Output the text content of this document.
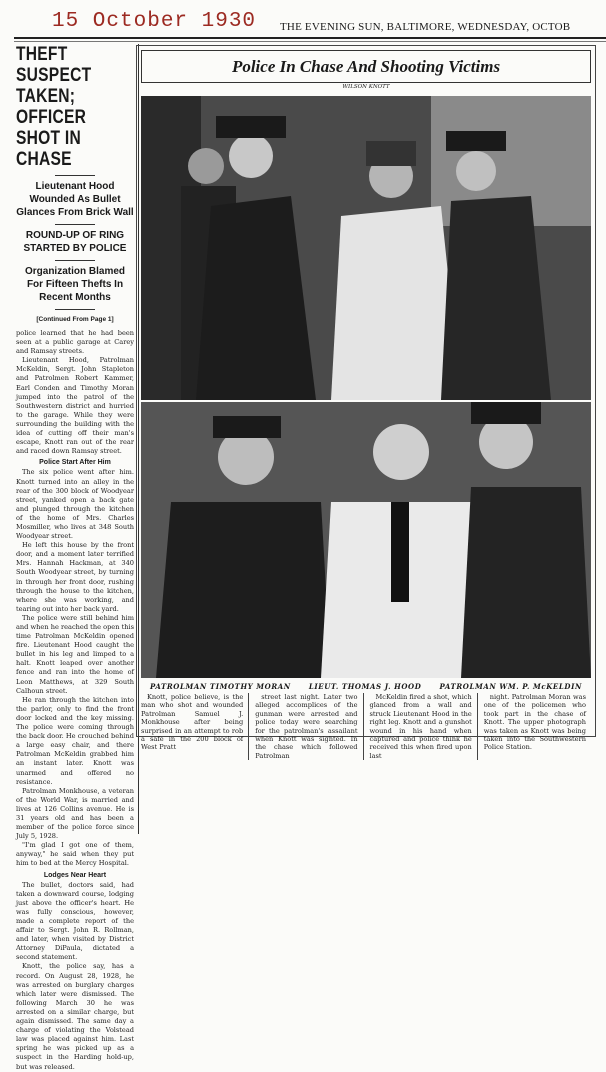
15 October 1930 THE EVENING SUN, BALTIMORE, WEDNESDAY, OCTOB
THEFT SUSPECT
TAKEN; OFFICER
SHOT IN CHASE
Lieutenant Hood Wounded As Bullet Glances From Brick Wall
ROUND-UP OF RING STARTED BY POLICE
Organization Blamed For Fifteen Thefts In Recent Months
[Continued From Page 1]

police learned that he had been seen at a public garage at Carey and Ramsay streets.

Lieutenant Hood, Patrolman McKeldin, Sergt. John Stapleton and Patrolmen Robert Kammer, Earl Conden and Timothy Moran jumped into the patrol of the Southwestern district and hurried to the garage. While they were surrounding the building with the idea of cutting off their man's escape, Knott ran out of the rear and raced down Ramsay street.

Police Start After Him

The six police went after him. Knott turned into an alley in the rear of the 300 block of Woodyear street, yanked open a back gate and plunged through the kitchen of the home of Mrs. Charles Mosmiller, who lives at 348 South Woodyear street.

He left this house by the front door, and a moment later terrified Mrs. Hannah Hackman, at 340 South Woodyear street, by turning in through her front door, rushing through the house to the kitchen, where she was working, and tearing out into her back yard.

The police were still behind him and when he reached the open this time Patrolman McKeldin opened fire. Lieutenant Hood caught the bullet in his leg and limped to a halt. Knott leaped over another fence and ran into the home of Leon Matthews, at 329 South Calhoun street.

He ran through the kitchen into the parlor, only to find the front door locked and the key missing. The police were coming through the back door. He crouched behind a large easy chair, and there Patrolman McKeldin grabbed him an instant later. Knott was unarmed and offered no resistance.

Patrolman Monkhouse, a veteran of the World War, is married and lives at 126 Collins avenue. He is 31 years old and has been a member of the police force since July 5, 1928.

"I'm glad I got one of them, anyway," he said when they put him to bed at the Mercy Hospital.

Lodges Near Heart

The bullet, doctors said, had taken a downward course, lodging just above the officer's heart. He was fully conscious, however, made a complete report of the affair to Sergt. John R. Rollman, and later, when visited by District Attorney DiPaula, dictated a second statement.

Knott, the police say, has a record. On August 28, 1928, he was arrested on burglary charges which later were dismissed. The following March 30 he was arrested on a similar charge, but again dismissed. The same day a charge of violating the Volstead law was placed against him. Last spring he was picked up as a suspect in the Harding hold-up, but was released.

Police In Chase And Shooting Victims
WILSON KNOTT
PATROLMAN TIMOTHY MORAN	LIEUT. THOMAS J. HOOD	PATROLMAN WM. P. McKELDIN

Knott, police believe, is the man who shot and wounded Patrolman Samuel J. Monkhouse after being surprised in an attempt to rob a safe in the 200 block of West Pratt

street last night. Later two alleged accomplices of the gunman were arrested and police today were searching for the patrolman's assailant when Knott was sighted. In the chase which followed Patrolman

McKeldin fired a shot, which glanced from a wall and struck Lieutenant Hood in the right leg. Knott and a gunshot wound in his hand when captured and police think he received this when fired upon last

night. Patrolman Moran was one of the policemen who took part in the chase of Knott. The upper photograph was taken as Knott was being taken into the Southwestern Police Station.
